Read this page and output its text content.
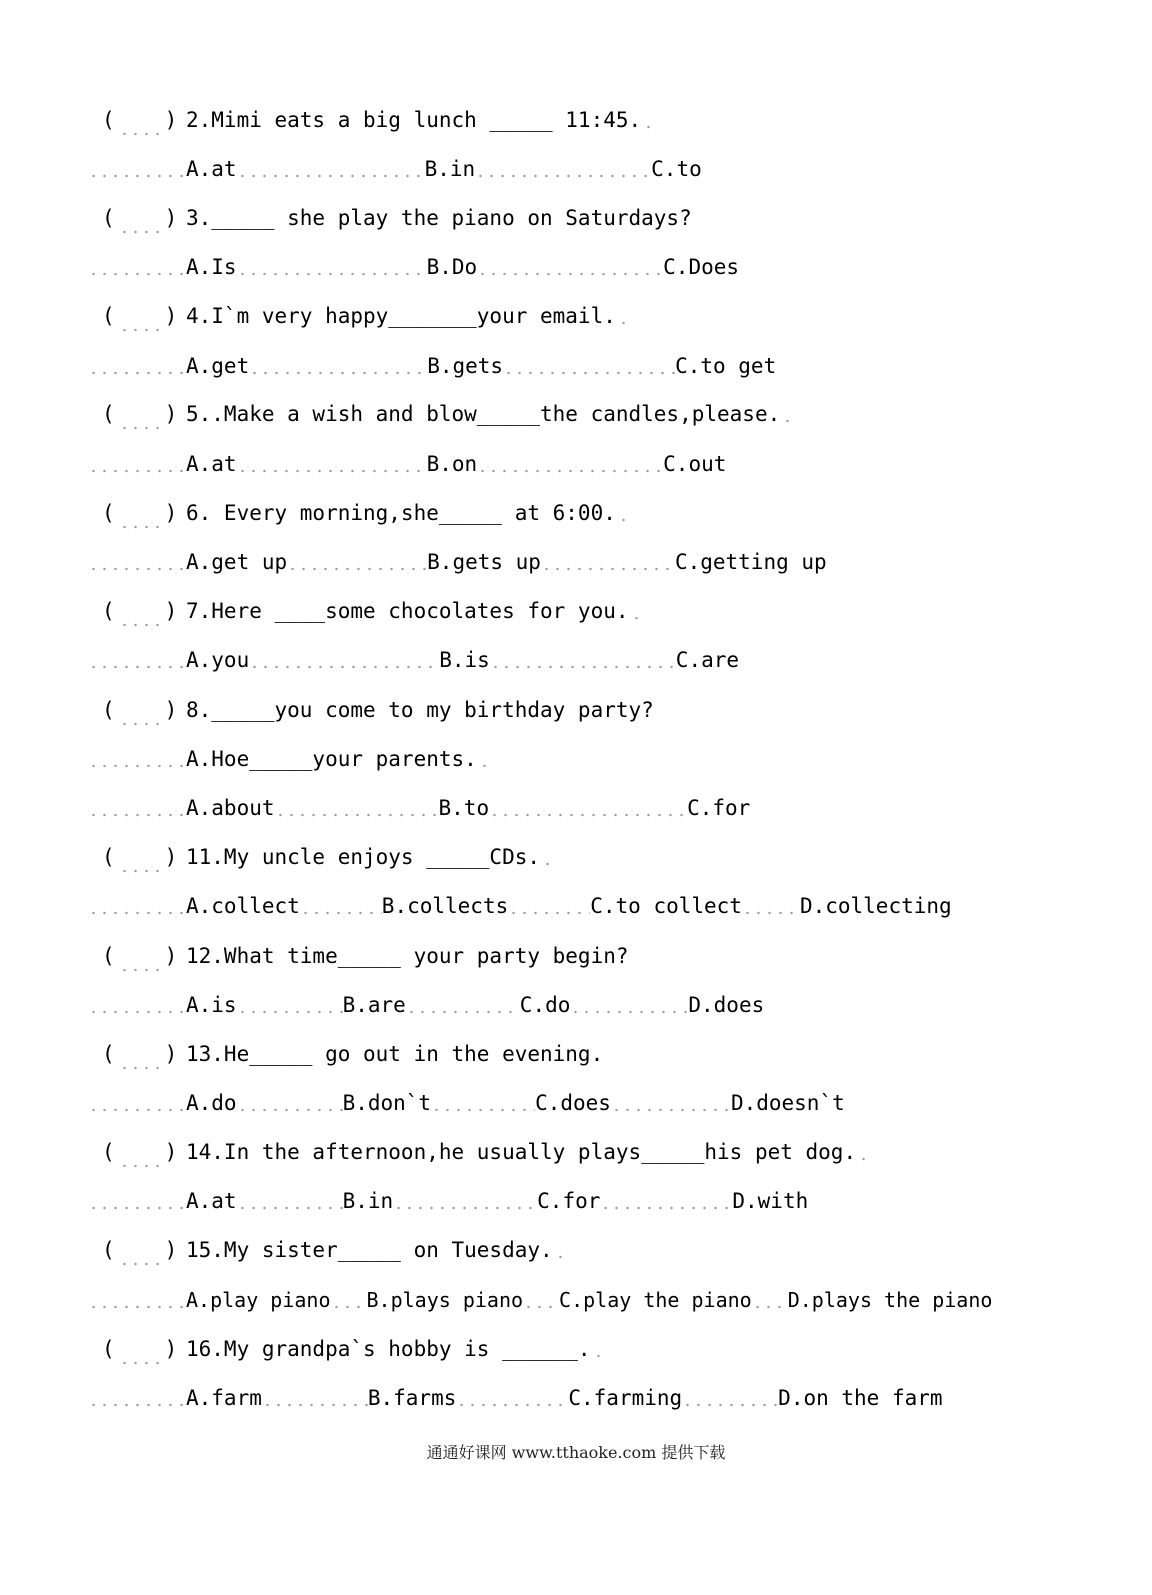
( ) 2.Mimi eats a big lunch _____ 11:45.
A.at	B.in	C.to
( ) 3._____ she play the piano on Saturdays?
A.Is	B.Do	C.Does
( ) 4.I`m very happy_______your email.
A.get	B.gets	C.to get
( ) 5..Make a wish and blow_____the candles,please.
A.at	B.on	C.out
( ) 6. Every morning,she_____ at 6:00.
A.get up	B.gets up	C.getting up
( ) 7.Here ____some chocolates for you.
A.you	B.is	C.are
( ) 8._____you come to my birthday party?
A.Hoe_____your parents.
A.about	B.to	C.for
( ) 11.My uncle enjoys _____CDs.
A.collect	B.collects	C.to collect	D.collecting
( ) 12.What time_____ your party begin?
A.is	B.are	C.do	D.does
( ) 13.He_____ go out in the evening.
A.do	B.don`t	C.does	D.doesn`t
( ) 14.In the afternoon,he usually plays_____his pet dog.
A.at	B.in	C.for	D.with
( ) 15.My sister_____ on Tuesday.
A.play piano B.plays piano C.play the piano D.plays the piano
( ) 16.My grandpa`s hobby is ______.
A.farm	B.farms	C.farming	D.on the farm
通通好课网 www.tthaoke.com 提供下载
